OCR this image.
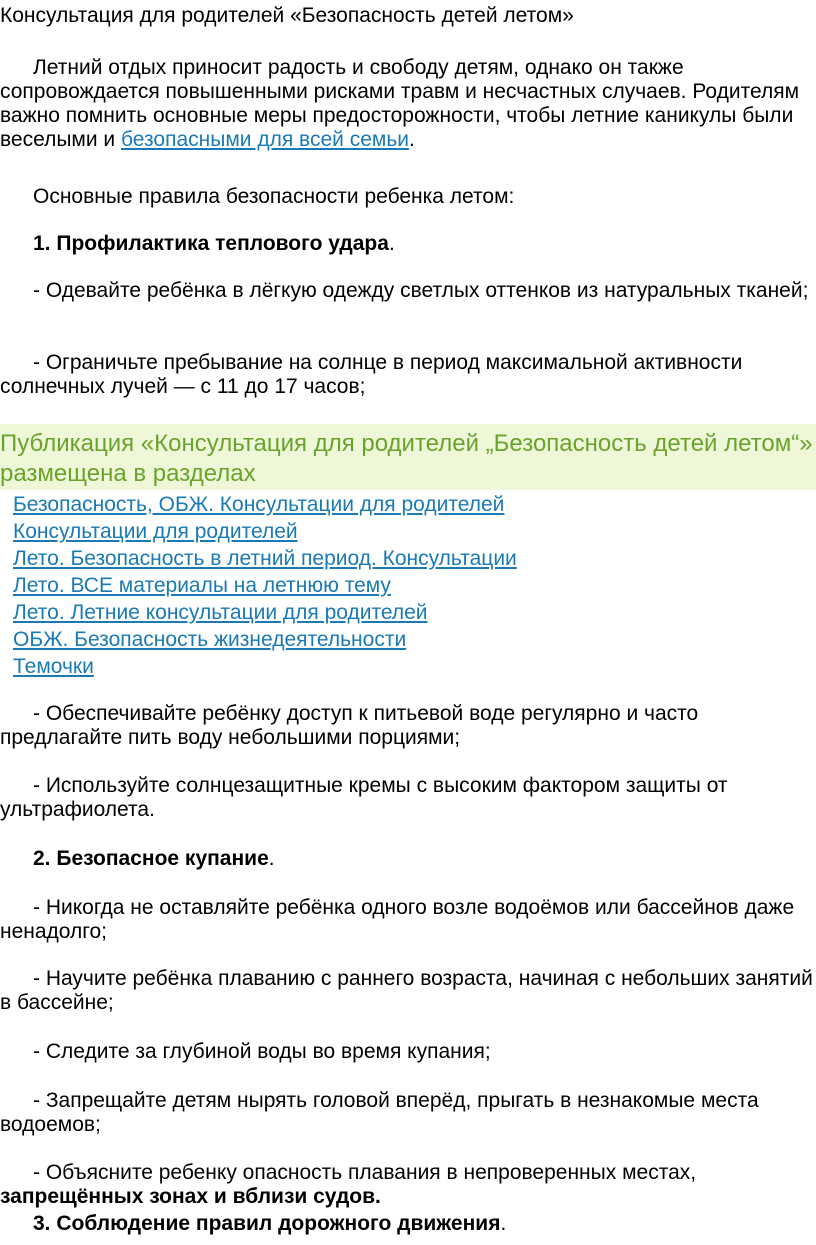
Консультация для родителей «Безопасность детей летом»

Летний отдых приносит радость и свободу детям, однако он также сопровождается повышенными рисками травм и несчастных случаев. Родителям важно помнить основные меры предосторожности, чтобы летние каникулы были веселыми и безопасными для всей семьи.

Основные правила безопасности ребенка летом:

1. Профилактика теплового удара.

- Одевайте ребёнка в лёгкую одежду светлых оттенков из натуральных тканей;

- Ограничьте пребывание на солнце в период максимальной активности солнечных лучей — с 11 до 17 часов;

Публикация «Консультация для родителей „Безопасность детей летом“» размещена в разделах

Безопасность, ОБЖ. Консультации для родителей
Консультации для родителей
Лето. Безопасность в летний период. Консультации
Лето. ВСЕ материалы на летнюю тему
Лето. Летние консультации для родителей
ОБЖ. Безопасность жизнедеятельности
Темочки

- Обеспечивайте ребёнку доступ к питьевой воде регулярно и часто предлагайте пить воду небольшими порциями;

- Используйте солнцезащитные кремы с высоким фактором защиты от ультрафиолета.

2. Безопасное купание.

- Никогда не оставляйте ребёнка одного возле водоёмов или бассейнов даже ненадолго;

- Научите ребёнка плаванию с раннего возраста, начиная с небольших занятий в бассейне;

- Следите за глубиной воды во время купания;

- Запрещайте детям нырять головой вперёд, прыгать в незнакомые места водоемов;

- Объясните ребенку опасность плавания в непроверенных местах, запрещённых зонах и вблизи судов.

3. Соблюдение правил дорожного движения.
